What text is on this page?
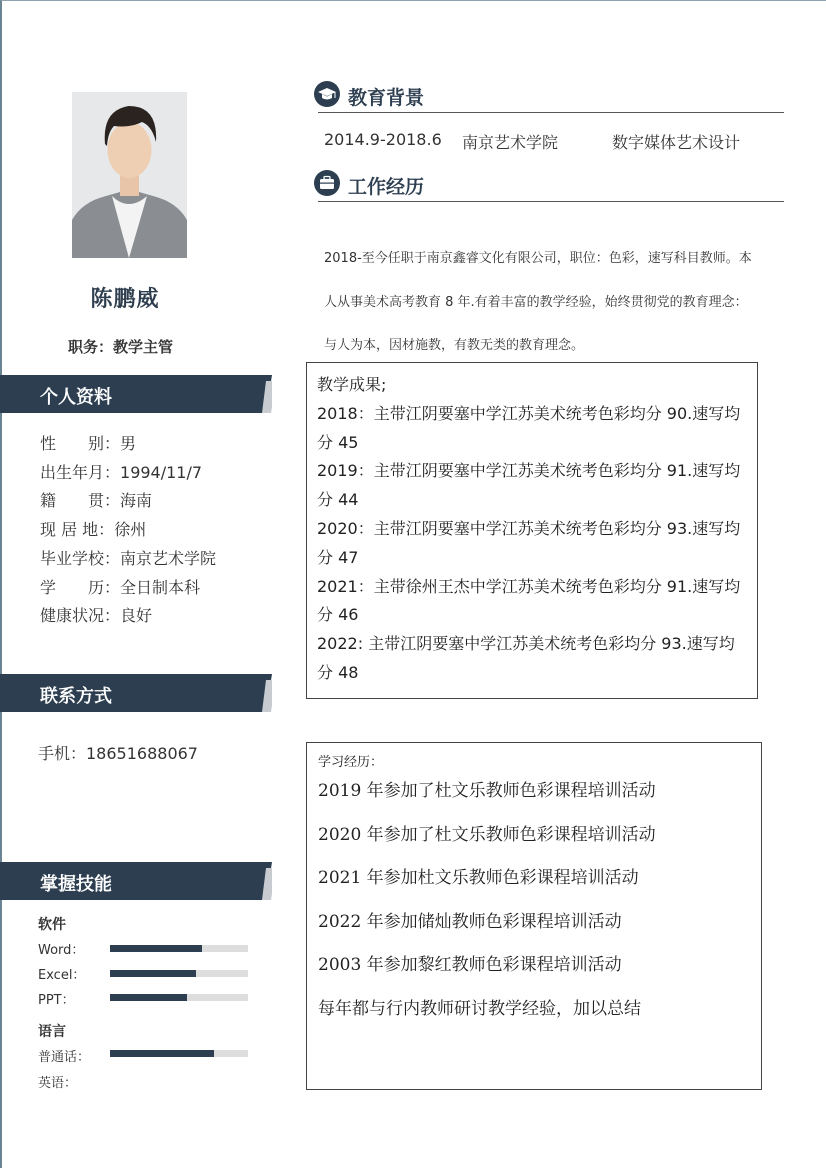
陈鹏威
职务：教学主管
个人资料
性　　别：男
出生年月：1994/11/7
籍　　贯：海南
现 居 地：徐州
毕业学校：南京艺术学院
学　　历：全日制本科
健康状况：良好
联系方式
手机：18651688067
掌握技能
软件
Word：
Excel：
PPT：
语言
普通话：
英语：
教育背景
2014.9-2018.6 南京艺术学院	数字媒体艺术设计
工作经历
2018-至今任职于南京鑫睿文化有限公司，职位：色彩，速写科目教师。本
人从事美术高考教育 8 年.有着丰富的教学经验，始终贯彻党的教育理念：
与人为本，因材施教，有教无类的教育理念。

教学成果;

2018：主带江阴要塞中学江苏美术统考色彩均分 90.速写均

分 45

2019：主带江阴要塞中学江苏美术统考色彩均分 91.速写均

分 44

2020：主带江阴要塞中学江苏美术统考色彩均分 93.速写均

分 47

2021：主带徐州王杰中学江苏美术统考色彩均分 91.速写均

分 46

2022: 主带江阴要塞中学江苏美术统考色彩均分 93.速写均

分 48

学习经历：

2019 年参加了杜文乐教师色彩课程培训活动

2020 年参加了杜文乐教师色彩课程培训活动

2021 年参加杜文乐教师色彩课程培训活动

2022 年参加储灿教师色彩课程培训活动

2003 年参加黎红教师色彩课程培训活动

每年都与行内教师研讨教学经验，加以总结
